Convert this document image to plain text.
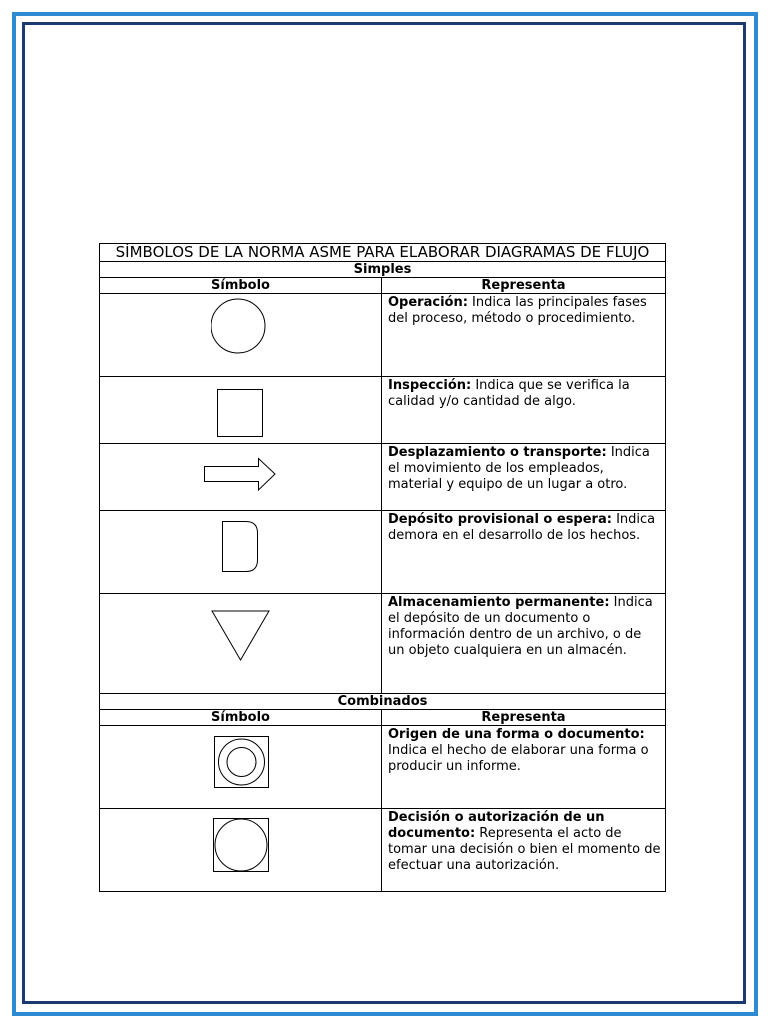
SÍMBOLOS DE LA NORMA ASME PARA ELABORAR DIAGRAMAS DE FLUJO	
Simples	
Símbolo	Representa

	Operación: Indica las principales fases del proceso, método o procedimiento.

	Inspección: Indica que se verifica la calidad y/o cantidad de algo.

	Desplazamiento o transporte: Indica el movimiento de los empleados, material y equipo de un lugar a otro.

	Depósito provisional o espera: Indica demora en el desarrollo de los hechos.

	Almacenamiento permanente: Indica el depósito de un documento o información dentro de un archivo, o de un objeto cualquiera en un almacén.
Combinados	
Símbolo	Representa

	Origen de una forma o documento: Indica el hecho de elaborar una forma o producir un informe.

	Decisión o autorización de un documento: Representa el acto de tomar una decisión o bien el momento de efectuar una autorización.
